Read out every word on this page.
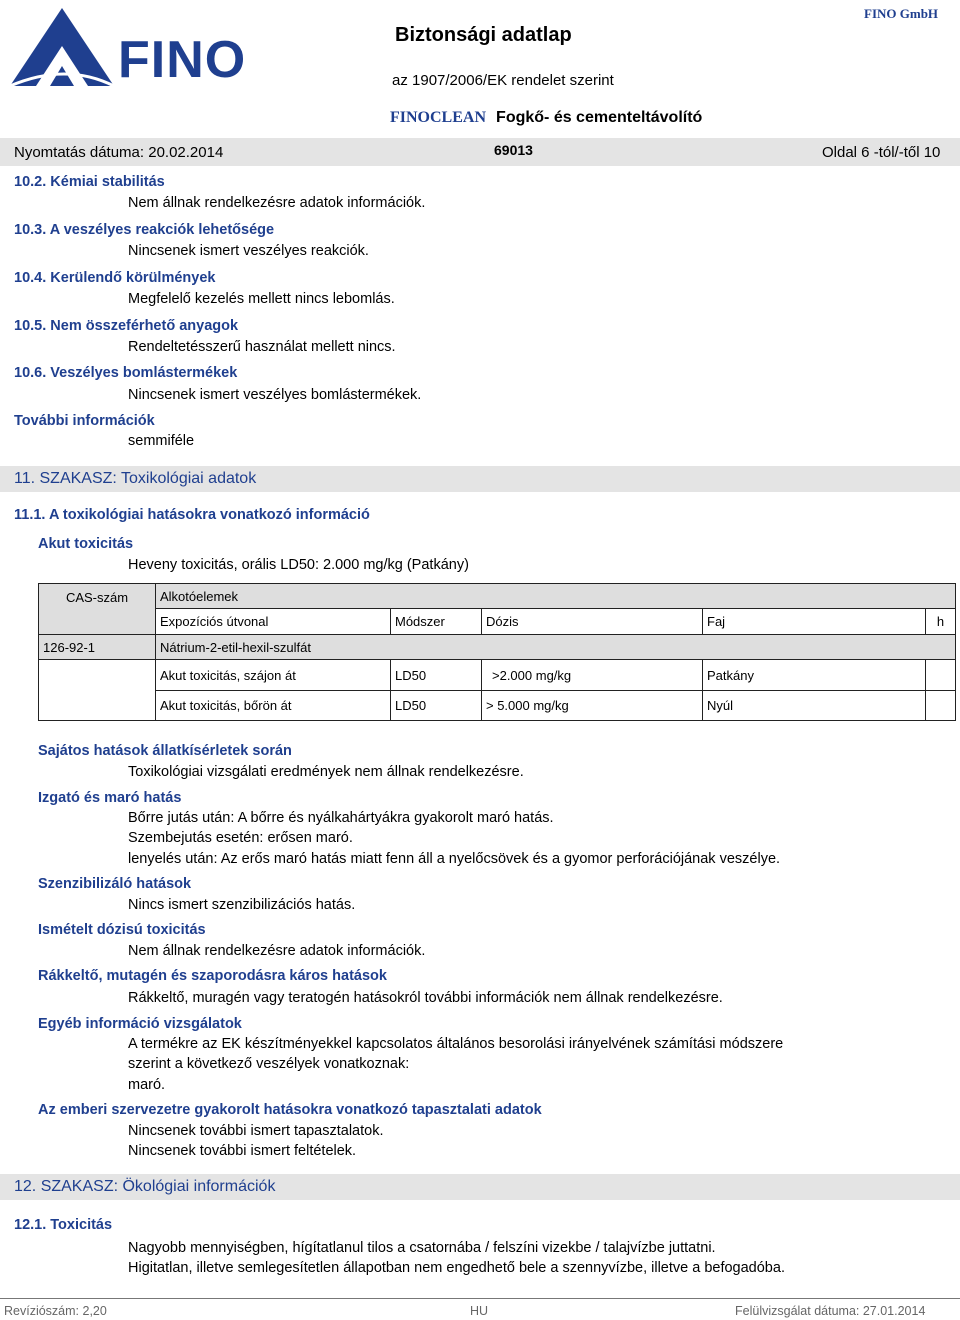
FINO	Biztonsági adatlap
az 1907/2006/EK rendelet szerint
FINO GmbH
FINOCLEAN Fogkő- és cementeltávolító
Nyomtatás dátuma: 20.02.2014	69013	Oldal 6 -tól/-től 10
10.2. Kémiai stabilitás
Nem állnak rendelkezésre adatok információk.
10.3. A veszélyes reakciók lehetősége
Nincsenek ismert veszélyes reakciók.
10.4. Kerülendő körülmények
Megfelelő kezelés mellett nincs lebomlás.
10.5. Nem összeférhető anyagok
Rendeltetésszerű használat mellett nincs.
10.6. Veszélyes bomlástermékek
Nincsenek ismert veszélyes bomlástermékek.
További információk
semmiféle
11. SZAKASZ: Toxikológiai adatok
11.1. A toxikológiai hatásokra vonatkozó információ
Akut toxicitás
Heveny toxicitás, orális LD50: 2.000 mg/kg (Patkány)
CAS-szám Alkotóelemek
Expozíciós útvonal	Módszer	Dózis	Faj	h
126-92-1	Nátrium-2-etil-hexil-szulfát
Akut toxicitás, szájon át	LD50	>2.000 mg/kg	Patkány
Akut toxicitás, bőrön át	LD50	> 5.000 mg/kg	Nyúl
Sajátos hatások állatkísérletek során
Toxikológiai vizsgálati eredmények nem állnak rendelkezésre.
Izgató és maró hatás
Bőrre jutás után: A bőrre és nyálkahártyákra gyakorolt maró hatás.
Szembejutás esetén: erősen maró.
lenyelés után: Az erős maró hatás miatt fenn áll a nyelőcsövek és a gyomor perforációjának veszélye.
Szenzibilizáló hatások
Nincs ismert szenzibilizációs hatás.
Ismételt dózisú toxicitás
Nem állnak rendelkezésre adatok információk.
Rákkeltő, mutagén és szaporodásra káros hatások
Rákkeltő, muragén vagy teratogén hatásokról további információk nem állnak rendelkezésre.
Egyéb információ vizsgálatok
A termékre az EK készítményekkel kapcsolatos általános besorolási irányelvének számítási módszere
szerint a következő veszélyek vonatkoznak:
maró.
Az emberi szervezetre gyakorolt hatásokra vonatkozó tapasztalati adatok
Nincsenek további ismert tapasztalatok.
Nincsenek további ismert feltételek.
12. SZAKASZ: Ökológiai információk
12.1. Toxicitás
Nagyobb mennyiségben, hígítatlanul tilos a csatornába / felszíni vizekbe / talajvízbe juttatni.
Higitatlan, illetve semlegesítetlen állapotban nem engedhető bele a szennyvízbe, illetve a befogadóba.
Revíziószám: 2,20	HU	Felülvizsgálat dátuma: 27.01.2014
